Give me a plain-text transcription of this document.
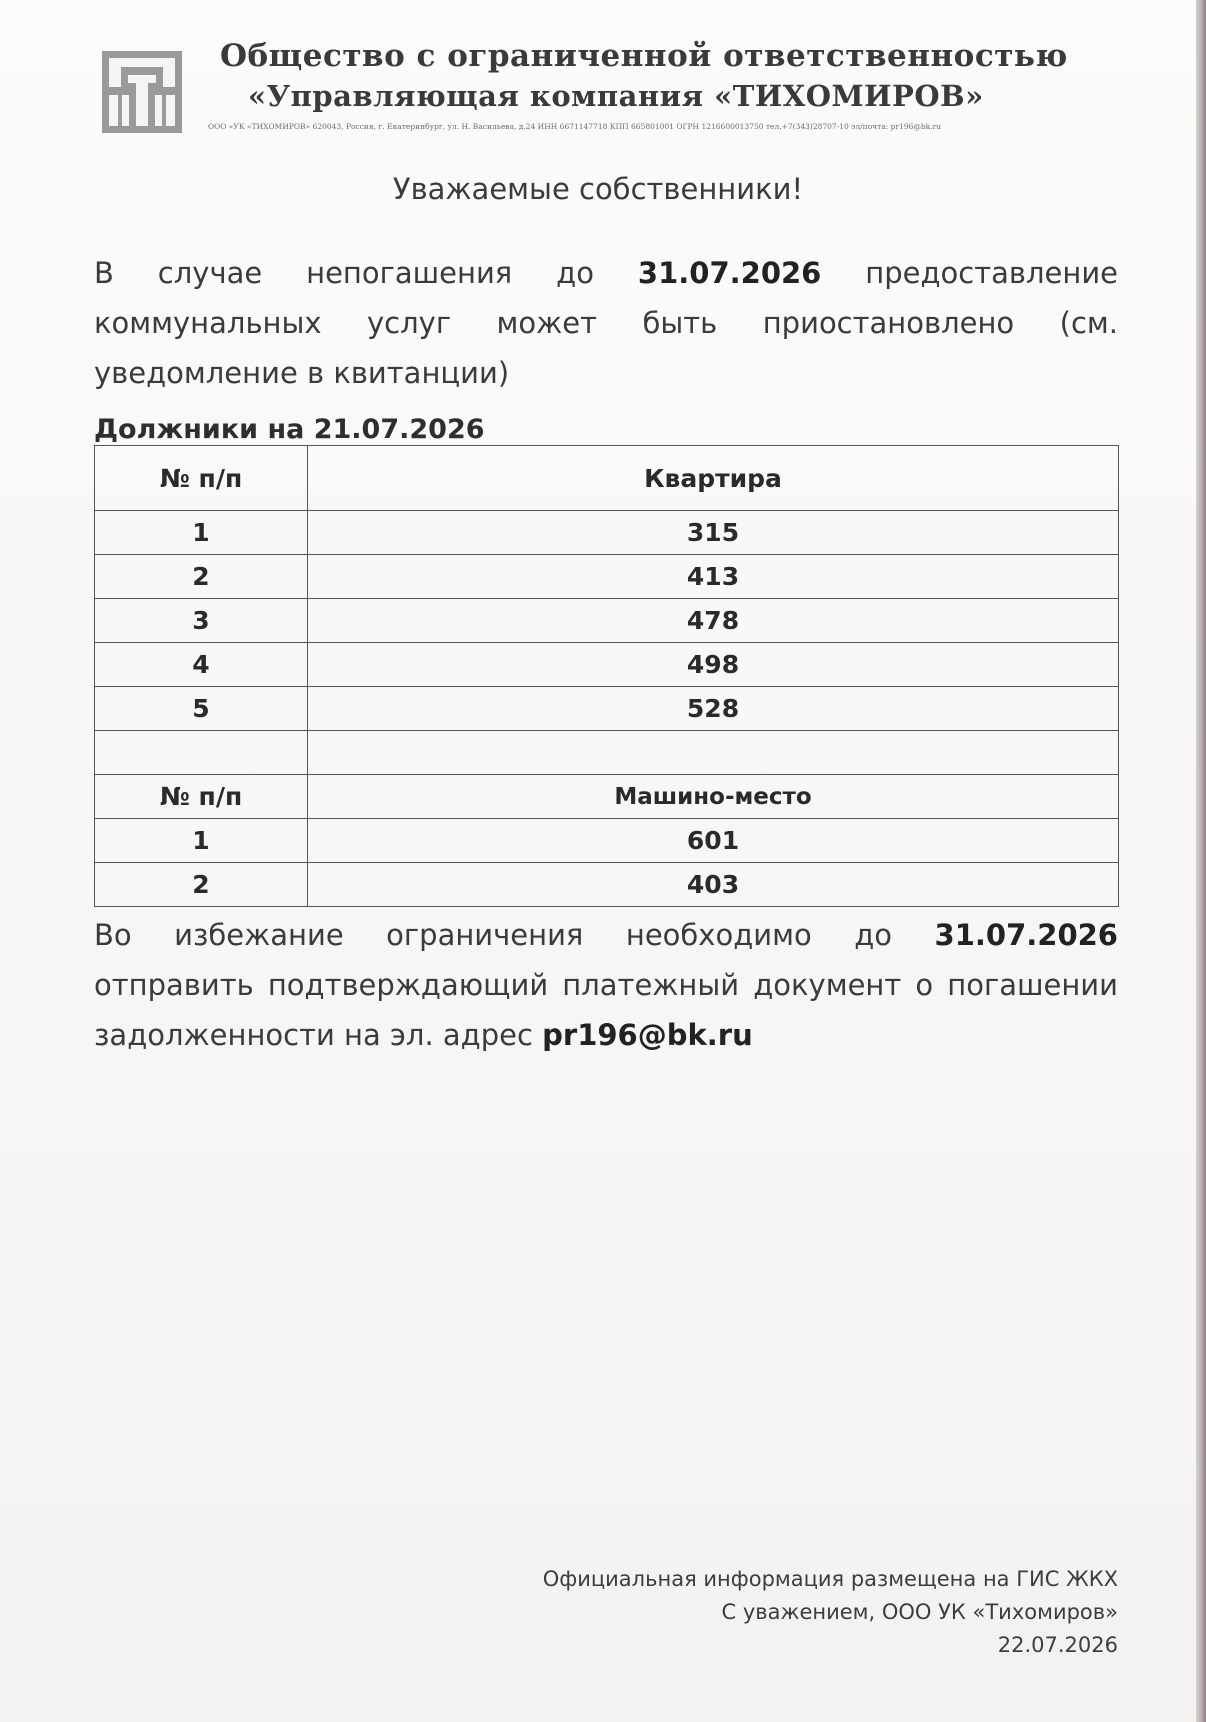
Общество с ограниченной ответственностью
«Управляющая компания «ТИХОМИРОВ»
ООО «УК «ТИХОМИРОВ» 620043, Россия, г. Екатеринбург, ул. Н. Васильева, д.24 ИНН 6671147718 КПП 665801001 ОГРН 1216600013750 тел.+7(343)28707-10 эл/почта: pr196@bk.ru
Уважаемые собственники!
В случае непогашения до 31.07.2026 предоставление коммунальных услуг может быть приостановлено (см. уведомление в квитанции)
Должники на 21.07.2026
№ п/п	Квартира
1	315
2	413
3	478
4	498
5	528

№ п/п	Машино-место
1	601
2	403
Во избежание ограничения необходимо до 31.07.2026 отправить подтверждающий платежный документ о погашении задолженности на эл. адрес pr196@bk.ru
Официальная информация размещена на ГИС ЖКХ
С уважением, ООО УК «Тихомиров»
22.07.2026
